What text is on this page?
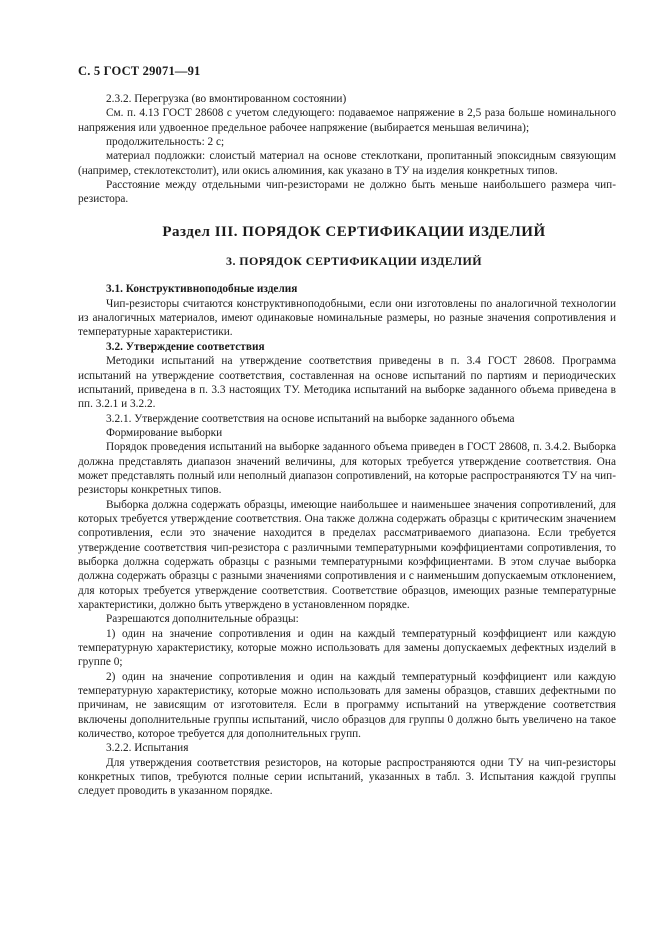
С. 5 ГОСТ 29071—91

2.3.2. Перегрузка (во вмонтированном состоянии)

См. п. 4.13 ГОСТ 28608 с учетом следующего: подаваемое напряжение в 2,5 раза больше номинального напряжения или удвоенное предельное рабочее напряжение (выбирается меньшая величина);

продолжительность: 2 с;

материал подложки: слоистый материал на основе стеклоткани, пропитанный эпоксидным связующим (например, стеклотекстолит), или окись алюминия, как указано в ТУ на изделия конкретных типов.

Расстояние между отдельными чип-резисторами не должно быть меньше наибольшего размера чип-резистора.

Раздел III. ПОРЯДОК СЕРТИФИКАЦИИ ИЗДЕЛИЙ
3. ПОРЯДОК СЕРТИФИКАЦИИ ИЗДЕЛИЙ

3.1. Конструктивноподобные изделия

Чип-резисторы считаются конструктивноподобными, если они изготовлены по аналогичной технологии из аналогичных материалов, имеют одинаковые номинальные размеры, но разные значения сопротивления и температурные характеристики.

3.2. Утверждение соответствия

Методики испытаний на утверждение соответствия приведены в п. 3.4 ГОСТ 28608. Программа испытаний на утверждение соответствия, составленная на основе испытаний по партиям и периодических испытаний, приведена в п. 3.3 настоящих ТУ. Методика испытаний на выборке заданного объема приведена в пп. 3.2.1 и 3.2.2.

3.2.1. Утверждение соответствия на основе испытаний на выборке заданного объема

Формирование выборки

Порядок проведения испытаний на выборке заданного объема приведен в ГОСТ 28608, п. 3.4.2. Выборка должна представлять диапазон значений величины, для которых требуется утверждение соответствия. Она может представлять полный или неполный диапазон сопротивлений, на которые распространяются ТУ на чип-резисторы конкретных типов.

Выборка должна содержать образцы, имеющие наибольшее и наименьшее значения сопротивлений, для которых требуется утверждение соответствия. Она также должна содержать образцы с критическим значением сопротивления, если это значение находится в пределах рассматриваемого диапазона. Если требуется утверждение соответствия чип-резистора с различными температурными коэффициентами сопротивления, то выборка должна содержать образцы с разными температурными коэффициентами. В этом случае выборка должна содержать образцы с разными значениями сопротивления и с наименьшим допускаемым отклонением, для которых требуется утверждение соответствия. Соответствие образцов, имеющих разные температурные характеристики, должно быть утверждено в установленном порядке.

Разрешаются дополнительные образцы:

1) один на значение сопротивления и один на каждый температурный коэффициент или каждую температурную характеристику, которые можно использовать для замены допускаемых дефектных изделий в группе 0;

2) один на значение сопротивления и один на каждый температурный коэффициент или каждую температурную характеристику, которые можно использовать для замены образцов, ставших дефектными по причинам, не зависящим от изготовителя. Если в программу испытаний на утверждение соответствия включены дополнительные группы испытаний, число образцов для группы 0 должно быть увеличено на такое количество, которое требуется для дополнительных групп.

3.2.2. Испытания

Для утверждения соответствия резисторов, на которые распространяются одни ТУ на чип-резисторы конкретных типов, требуются полные серии испытаний, указанных в табл. 3. Испытания каждой группы следует проводить в указанном порядке.
